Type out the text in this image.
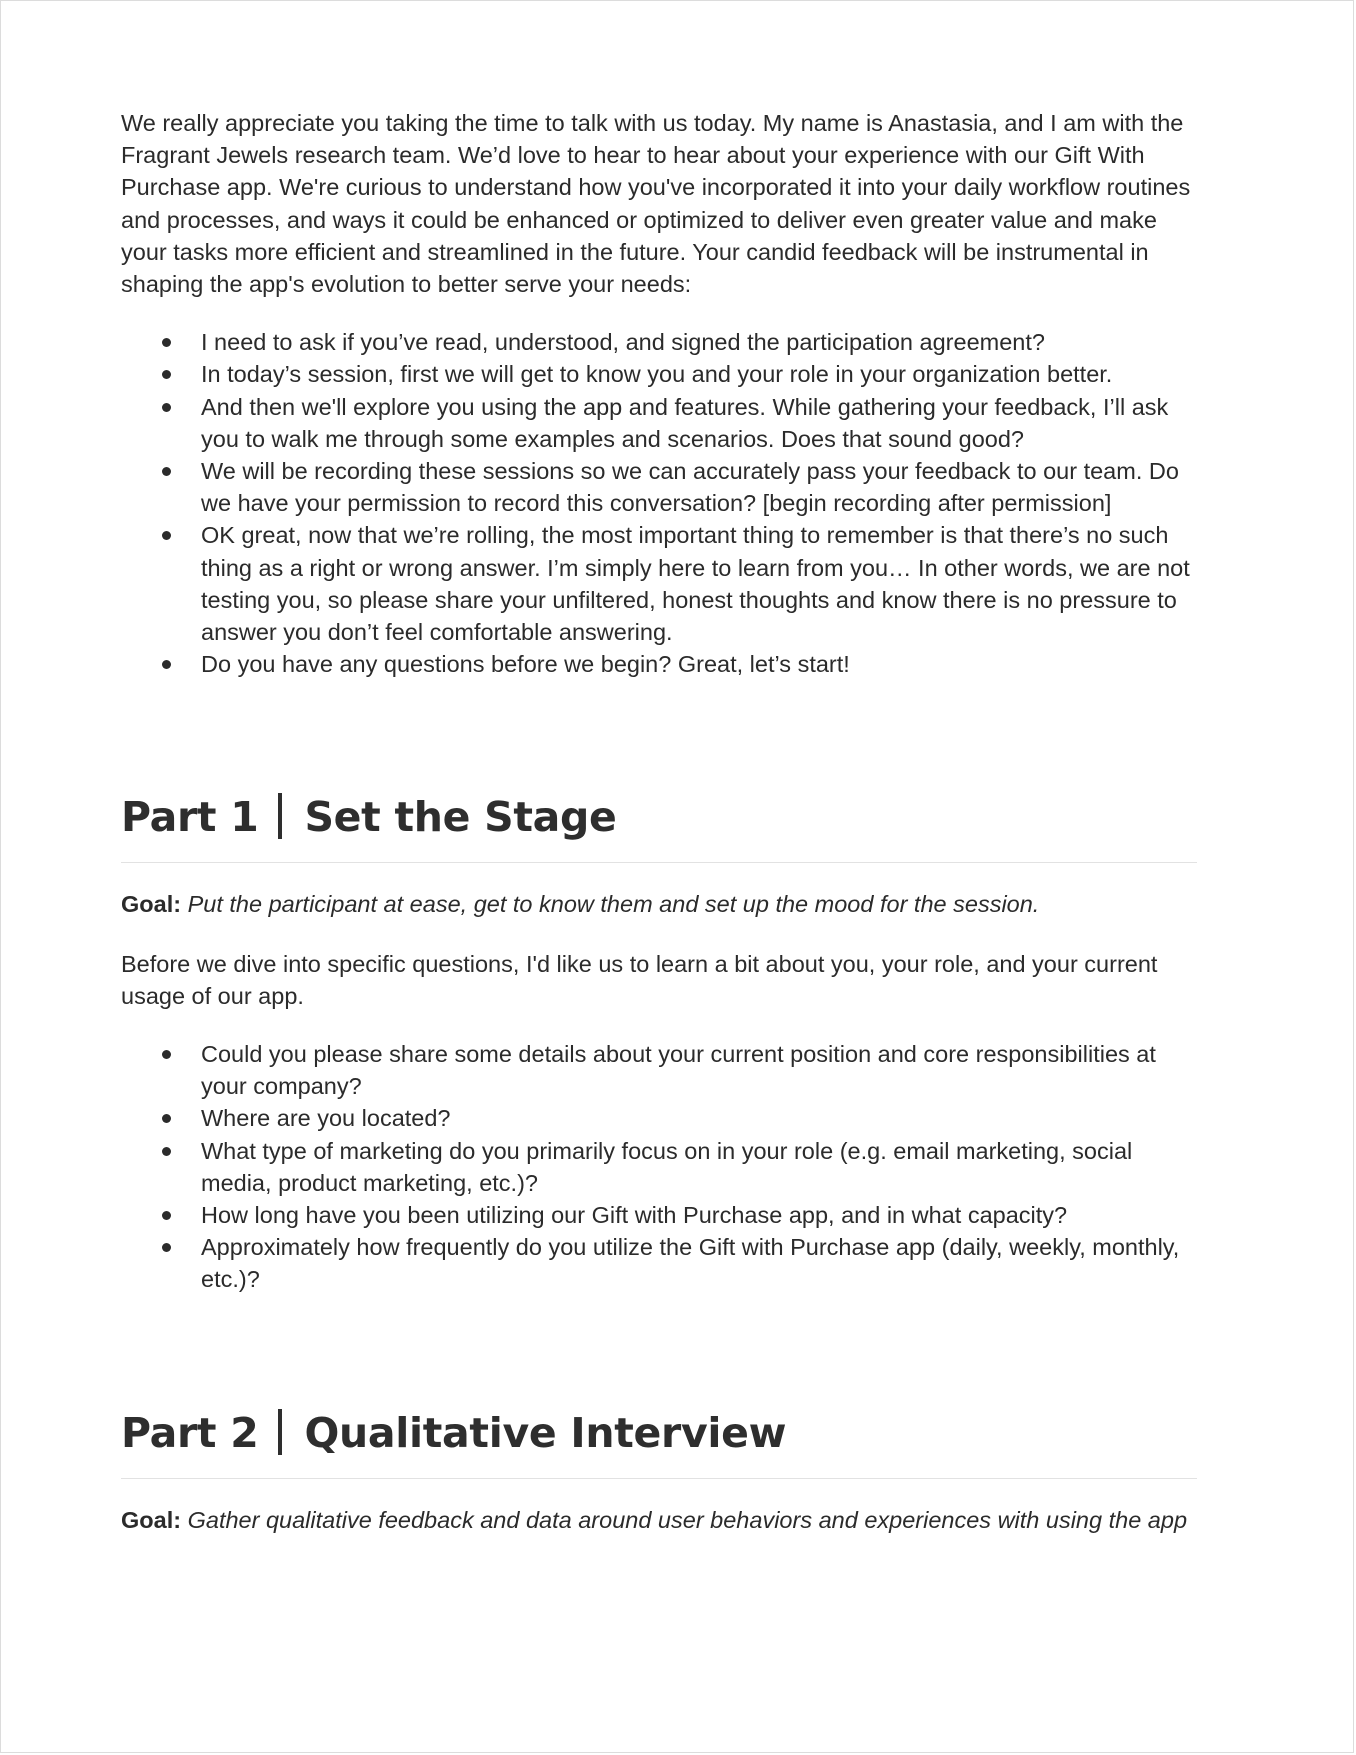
We really appreciate you taking the time to talk with us today. My name is Anastasia, and I am with the Fragrant Jewels research team. We’d love to hear to hear about your experience with our Gift With Purchase app. We're curious to understand how you've incorporated it into your daily workflow routines and processes, and ways it could be enhanced or optimized to deliver even greater value and make your tasks more efficient and streamlined in the future. Your candid feedback will be instrumental in shaping the app's evolution to better serve your needs:

I need to ask if you’ve read, understood, and signed the participation agreement?
In today’s session, first we will get to know you and your role in your organization better.
And then we'll explore you using the app and features. While gathering your feedback, I’ll ask you to walk me through some examples and scenarios. Does that sound good?
We will be recording these sessions so we can accurately pass your feedback to our team. Do we have your permission to record this conversation? [begin recording after permission]
OK great, now that we’re rolling, the most important thing to remember is that there’s no such thing as a right or wrong answer. I’m simply here to learn from you… In other words, we are not testing you, so please share your unfiltered, honest thoughts and know there is no pressure to answer you don’t feel comfortable answering.
Do you have any questions before we begin? Great, let’s start!
Part 1 Set the Stage

Goal: Put the participant at ease, get to know them and set up the mood for the session.

Before we dive into specific questions, I'd like us to learn a bit about you, your role, and your current usage of our app.

Could you please share some details about your current position and core responsibilities at your company?
Where are you located?
What type of marketing do you primarily focus on in your role (e.g. email marketing, social media, product marketing, etc.)?
How long have you been utilizing our Gift with Purchase app, and in what capacity?
Approximately how frequently do you utilize the Gift with Purchase app (daily, weekly, monthly, etc.)?
Part 2 Qualitative Interview

Goal: Gather qualitative feedback and data around user behaviors and experiences with using the app
